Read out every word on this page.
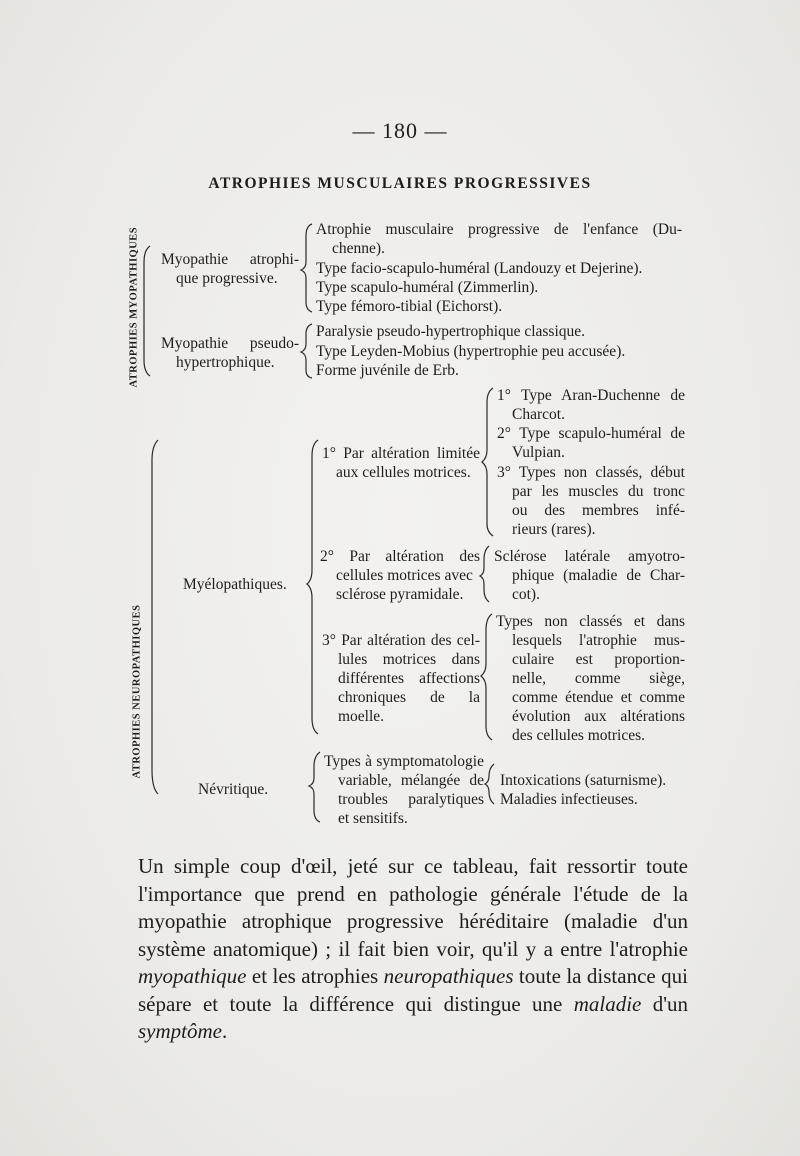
— 180 —
ATROPHIES MUSCULAIRES PROGRESSIVES
ATROPHIES MYOPATHIQUES
ATROPHIES NEUROPATHIQUES
Myopathie atrophi-
que progressive.
Atrophie musculaire progressive de l'enfance (Du-
chenne).
Type facio-scapulo-huméral (Landouzy et Dejerine).
Type scapulo-huméral (Zimmerlin).
Type fémoro-tibial (Eichorst).
Myopathie pseudo-
hypertrophique.
Paralysie pseudo-hypertrophique classique.
Type Leyden-Mobius (hypertrophie peu accusée).
Forme juvénile de Erb.
Myélopathiques.
1° Par altération limitée
aux cellules motrices.
1° Type Aran-Duchenne de
Charcot.
2° Type scapulo-huméral de
Vulpian.
3° Types non classés, début
par les muscles du tronc
ou des membres infé-
rieurs (rares).
2° Par altération des
cellules motrices avec
sclérose pyramidale.
Sclérose latérale amyotro-
phique (maladie de Char-
cot).
3° Par altération des cel-
lules motrices dans
différentes affections
chroniques de la
moelle.
Types non classés et dans
lesquels l'atrophie mus-
culaire est proportion-
nelle, comme siège,
comme étendue et comme
évolution aux altérations
des cellules motrices.
Névritique.
Types à symptomatologie
variable, mélangée de
troubles paralytiques
et sensitifs.
Intoxications (saturnisme).
Maladies infectieuses.

Un simple coup d'œil, jeté sur ce tableau, fait ressortir toute l'importance que prend en pathologie générale l'étude de la myopathie atrophique progressive héréditaire (maladie d'un système anatomique) ; il fait bien voir, qu'il y a entre l'atrophie myopathique et les atrophies neuropathiques toute la distance qui sépare et toute la différence qui distingue une maladie d'un symptôme.
